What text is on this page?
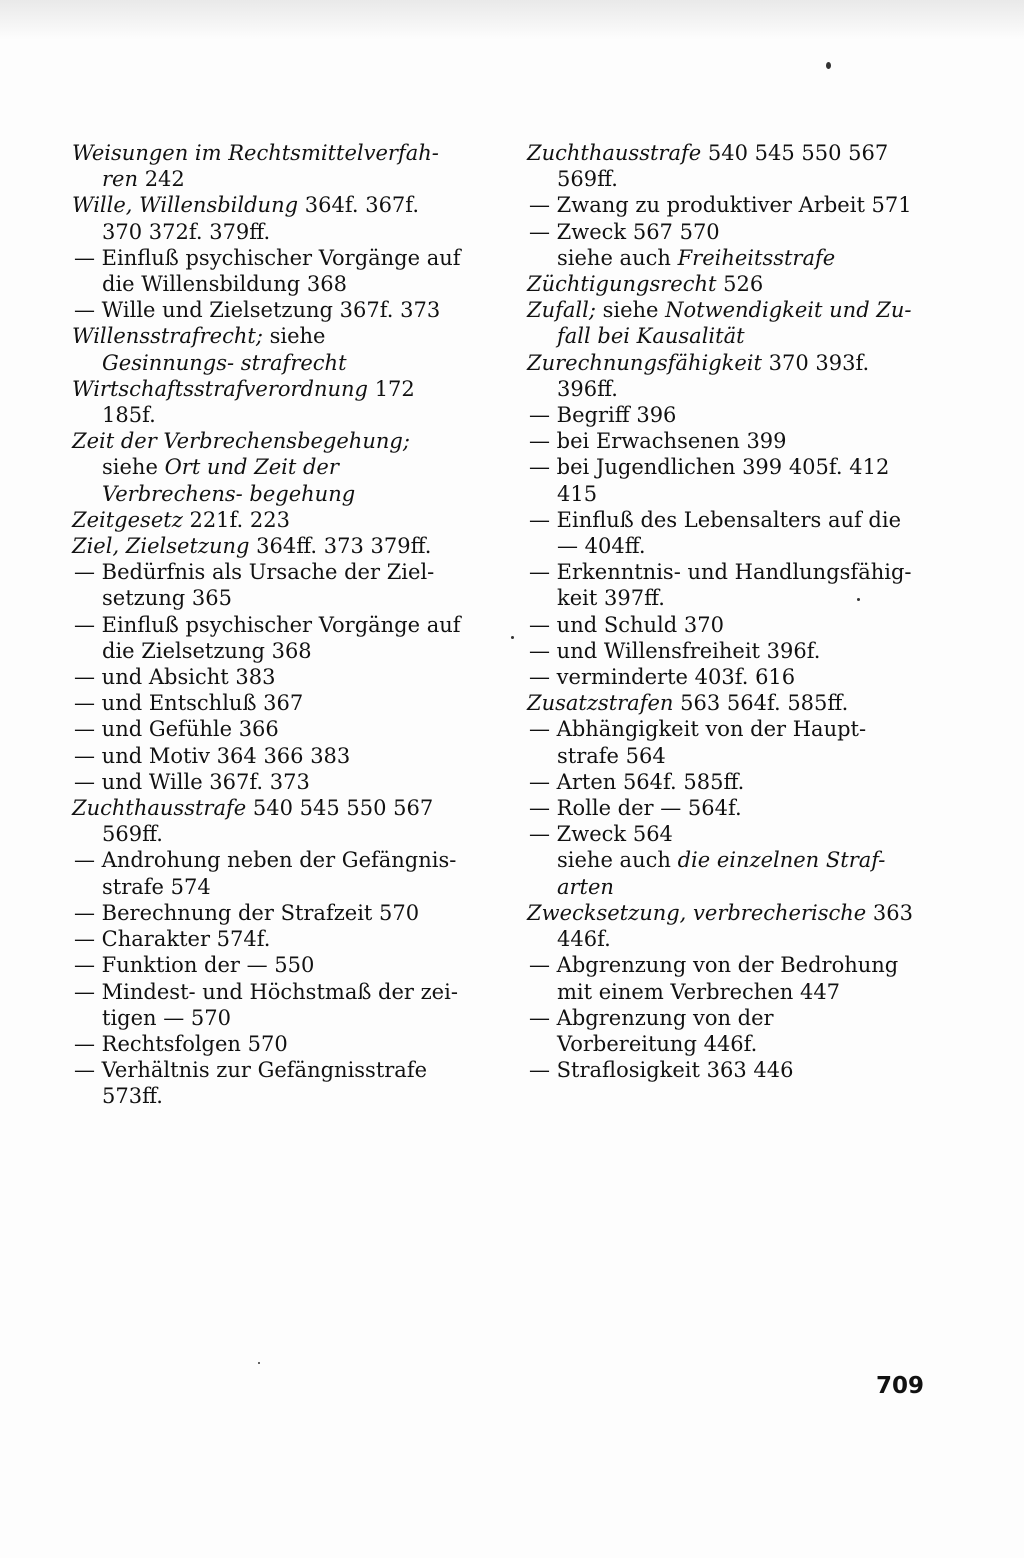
Weisungen im Rechtsmittelverfah- ren 242

Wille, Willensbildung 364f. 367f. 370 372f. 379ff.

— Einfluß psychischer Vorgänge auf die Willensbildung 368

— Wille und Zielsetzung 367f. 373

Willensstrafrecht; siehe Gesinnungs- strafrecht

Wirtschaftsstrafverordnung 172 185f.

Zeit der Verbrechensbegehung; siehe Ort und Zeit der Verbrechens- begehung

Zeitgesetz 221f. 223

Ziel, Zielsetzung 364ff. 373 379ff.

— Bedürfnis als Ursache der Ziel- setzung 365

— Einfluß psychischer Vorgänge auf die Zielsetzung 368

— und Absicht 383

— und Entschluß 367

— und Gefühle 366

— und Motiv 364 366 383

— und Wille 367f. 373

Zuchthausstrafe 540 545 550 567 569ff.

— Androhung neben der Gefängnis- strafe 574

— Berechnung der Strafzeit 570

— Charakter 574f.

— Funktion der — 550

— Mindest- und Höchstmaß der zei- tigen — 570

— Rechtsfolgen 570

— Verhältnis zur Gefängnisstrafe 573ff.

Zuchthausstrafe 540 545 550 567 569ff.

— Zwang zu produktiver Arbeit 571

— Zweck 567 570

siehe auch Freiheitsstrafe

Züchtigungsrecht 526

Zufall; siehe Notwendigkeit und Zu- fall bei Kausalität

Zurechnungsfähigkeit 370 393f. 396ff.

— Begriff 396

— bei Erwachsenen 399

— bei Jugendlichen 399 405f. 412 415

— Einfluß des Lebensalters auf die — 404ff.

— Erkenntnis- und Handlungsfähig- keit 397ff.

— und Schuld 370

— und Willensfreiheit 396f.

— verminderte 403f. 616

Zusatzstrafen 563 564f. 585ff.

— Abhängigkeit von der Haupt- strafe 564

— Arten 564f. 585ff.

— Rolle der — 564f.

— Zweck 564

siehe auch die einzelnen Straf- arten

Zwecksetzung, verbrecherische 363 446f.

— Abgrenzung von der Bedrohung mit einem Verbrechen 447

— Abgrenzung von der Vorbereitung 446f.

— Straflosigkeit 363 446

709
